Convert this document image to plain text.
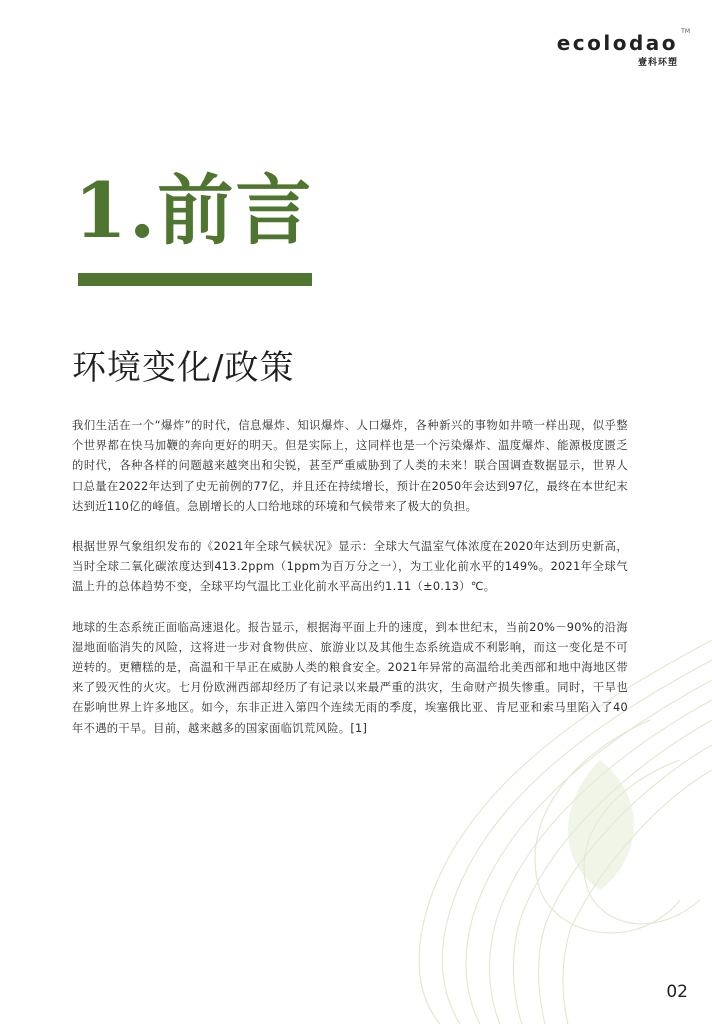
ecolodao TM
壹科环塑
1.前言
环境变化/政策

我们生活在一个“爆炸”的时代，信息爆炸、知识爆炸、人口爆炸，各种新兴的事物如井喷一样出现，似乎整个世界都在快马加鞭的奔向更好的明天。但是实际上，这同样也是一个污染爆炸、温度爆炸、能源极度匮乏的时代，各种各样的问题越来越突出和尖锐，甚至严重威胁到了人类的未来！联合国调查数据显示，世界人口总量在2022年达到了史无前例的77亿，并且还在持续增长，预计在2050年会达到97亿，最终在本世纪末达到近110亿的峰值。急剧增长的人口给地球的环境和气候带来了极大的负担。

根据世界气象组织发布的《2021年全球气候状况》显示：全球大气温室气体浓度在2020年达到历史新高，当时全球二氧化碳浓度达到413.2ppm（1ppm为百万分之一），为工业化前水平的149%。2021年全球气温上升的总体趋势不变，全球平均气温比工业化前水平高出约1.11（±0.13）℃。

地球的生态系统正面临高速退化。报告显示，根据海平面上升的速度，到本世纪末，当前20%－90%的沿海湿地面临消失的风险，这将进一步对食物供应、旅游业以及其他生态系统造成不利影响，而这一变化是不可逆转的。更糟糕的是，高温和干旱正在威胁人类的粮食安全。2021年异常的高温给北美西部和地中海地区带来了毁灭性的火灾。七月份欧洲西部却经历了有记录以来最严重的洪灾，生命财产损失惨重。同时，干旱也在影响世界上许多地区。如今，东非正进入第四个连续无雨的季度，埃塞俄比亚、肯尼亚和索马里陷入了40年不遇的干旱。目前，越来越多的国家面临饥荒风险。[1]

02
